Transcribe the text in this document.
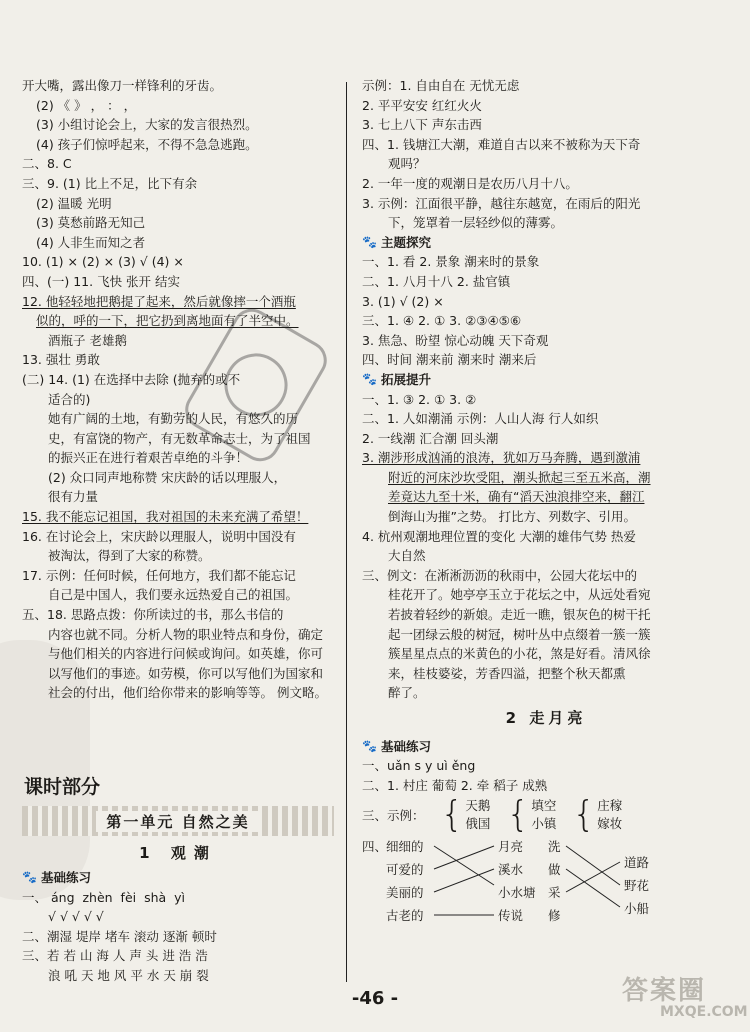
开大嘴，露出像刀一样锋利的牙齿。
(2) 《 》 ， ： ，
(3) 小组讨论会上，大家的发言很热烈。
(4) 孩子们惊呼起来，不得不急急逃跑。
二、8. C
三、9. (1) 比上不足，比下有余
(2) 温暖 光明
(3) 莫愁前路无知己
(4) 人非生而知之者
10. (1) × (2) × (3) √ (4) ×
四、(一) 11. 飞快 张开 结实
12. 他轻轻地把鹅提了起来，然后就像摔一个酒瓶
似的，呼的一下，把它扔到离地面有了半空中。
酒瓶子 老雄鹅
13. 强壮 勇敢
(二) 14. (1) 在选择中去除 (抛弃的或不
适合的)
她有广阔的土地，有勤劳的人民，有悠久的历
史，有富饶的物产，有无数革命志士，为了祖国
的振兴正在进行着艰苦卓绝的斗争！
(2) 众口同声地称赞 宋庆龄的话以理服人，
很有力量
15. 我不能忘记祖国，我对祖国的未来充满了希望！
16. 在讨论会上，宋庆龄以理服人，说明中国没有
被淘汰，得到了大家的称赞。
17. 示例：任何时候，任何地方，我们都不能忘记
自己是中国人，我们要永远热爱自己的祖国。
五、18. 思路点拨：你所读过的书，那么书信的
内容也就不同。分析人物的职业特点和身份，确定
与他们相关的内容进行问候或询问。如英雄，你可
以写他们的事迹。如劳模，你可以写他们为国家和
社会的付出，他们给你带来的影响等等。 例文略。
课时部分
第一单元 自然之美
1 观潮
🐾 基础练习
一、 áng zhèn fèi shà yì
√ √ √ √ √
二、潮湿 堤岸 堵车 滚动 逐渐 顿时
三、若 若 山 海 人 声 头 进 浩 浩
浪 吼 天 地 风 平 水 天 崩 裂
示例：1. 自由自在 无忧无虑
2. 平平安安 红红火火
3. 七上八下 声东击西
四、1. 钱塘江大潮，难道自古以来不被称为天下奇
观吗？
2. 一年一度的观潮日是农历八月十八。
3. 示例：江面很平静，越往东越宽，在雨后的阳光
下，笼罩着一层轻纱似的薄雾。
🐾 主题探究
一、1. 看 2. 景象 潮来时的景象
二、1. 八月十八 2. 盐官镇
3. (1) √ (2) ×
三、1. ④ 2. ① 3. ②③④⑤⑥
3. 焦急、盼望 惊心动魄 天下奇观
四、时间 潮来前 潮来时 潮来后
🐾 拓展提升
一、1. ③ 2. ① 3. ②
二、1. 人如潮涌 示例：人山人海 行人如织
2. 一线潮 汇合潮 回头潮
3. 潮涉形成汹涌的浪涛，犹如万马奔腾，遇到激浦
附近的河床沙坎受阻，潮头掀起三至五米高，潮
差竟达九至十米，确有“滔天浊浪排空来，翻江
倒海山为摧”之势。 打比方、列数字、引用。
4. 杭州观潮地理位置的变化 大潮的雄伟气势 热爱
大自然
三、例文：在淅淅沥沥的秋雨中，公园大花坛中的
桂花开了。她亭亭玉立于花坛之中，从远处看宛
若披着轻纱的新娘。走近一瞧，银灰色的树干托
起一团绿云般的树冠，树叶丛中点缀着一簇一簇
簇星星点点的米黄色的小花，煞是好看。清风徐
来，桂枝婆娑，芳香四溢，把整个秋天都熏
醉了。
2 走月亮
🐾 基础练习
一、uǎn s y uì ěng
二、1. 村庄 葡萄 2. 牵 稻子 成熟
三、示例： { 天鹅
俄国 { 填空
小镇 { 庄稼
嫁妆
四、
细细的
可爱的
美丽的
古老的
月亮
溪水
小水塘
传说
洗
做
采
修
道路
野花
小船
-46 -	答案圈
MXQE.COM
